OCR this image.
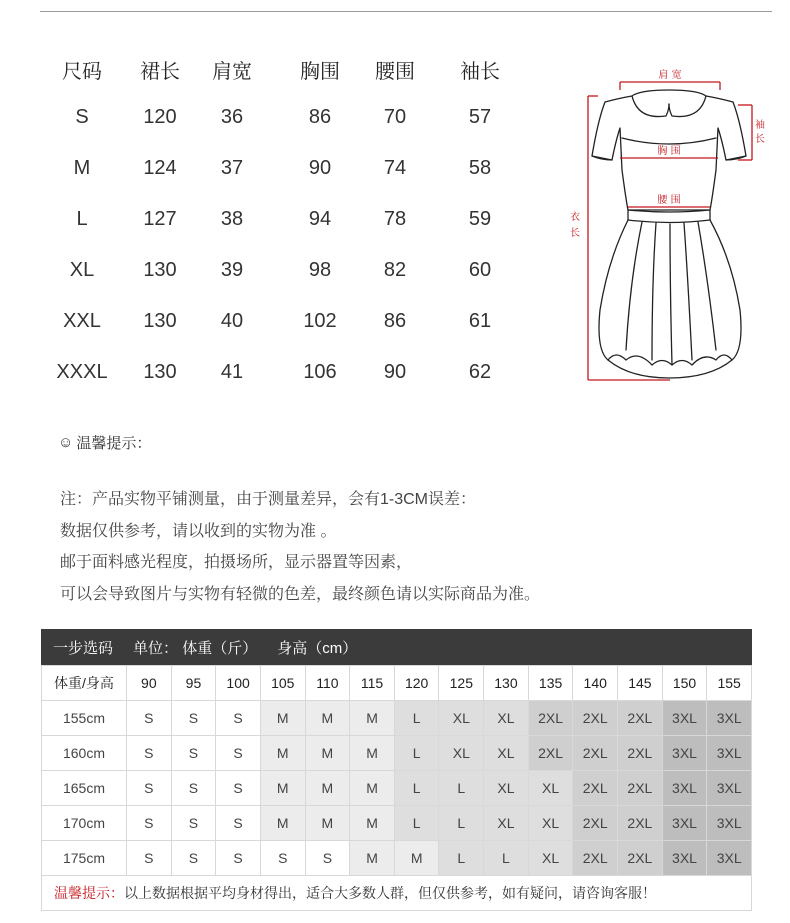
尺码	裙长	肩宽	胸围	腰围	袖长
S	120	36	86	70	57
M	124	37	90	74	58
L	127	38	94	78	59
XL	130	39	98	82	60
XXL	130	40	102	86	61
XXXL	130	41	106	90	62
肩 宽
袖
长
胸 围
腰 围
衣
长
☺ 温馨提示：
注：产品实物平铺测量，由于测量差异，会有1-3CM误差：
数据仅供参考，请以收到的实物为准 。
邮于面料感光程度，拍摄场所，显示器置等因素，
可以会导致图片与实物有轻微的色差，最终颜色请以实际商品为准。
一步选码 单位： 体重（斤） 身高（cm）
体重/身高	90	95	100	105	110	115	120	125	130	135	140	145	150	155
155cm	S	S	S	M	M	M	L	XL	XL	2XL	2XL	2XL	3XL	3XL
160cm	S	S	S	M	M	M	L	XL	XL	2XL	2XL	2XL	3XL	3XL
165cm	S	S	S	M	M	M	L	L	XL	XL	2XL	2XL	3XL	3XL
170cm	S	S	S	M	M	M	L	L	XL	XL	2XL	2XL	3XL	3XL
175cm	S	S	S	S	S	M	M	L	L	XL	2XL	2XL	3XL	3XL
温馨提示： 以上数据根据平均身材得出，适合大多数人群，但仅供参考，如有疑问，请咨询客服！
